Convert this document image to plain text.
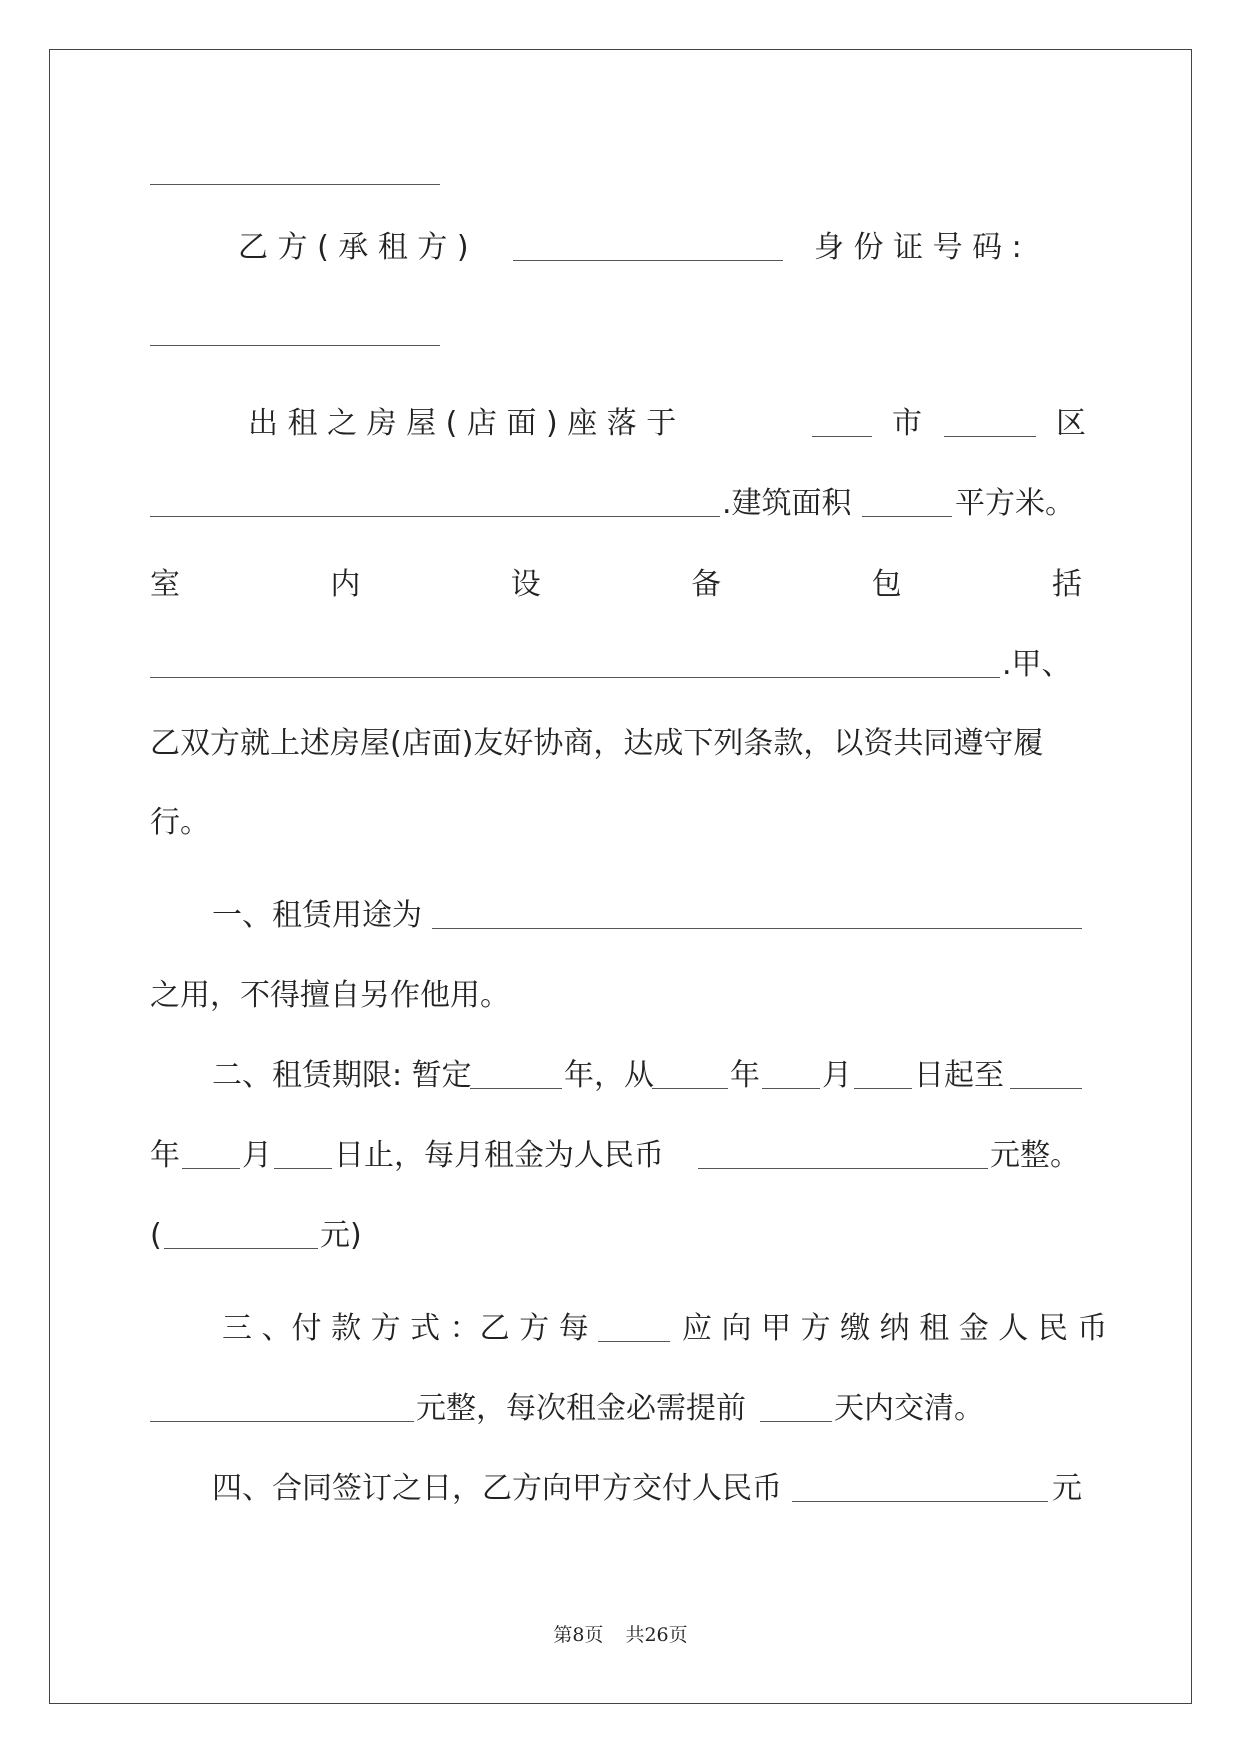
乙 方 ( 承 租 方 )	身 份 证 号 码 :
出 租 之 房 屋 ( 店 面 ) 座 落 于	市	区
.建筑面积	平方米。
室	内	设	备	包	括
.甲、
乙双方就上述房屋(店面)友好协商，达成下列条款，以资共同遵守履
行。
一、租赁用途为
之用，不得擅自另作他用。
二、租赁期限: 暂定	年，从	年 月 日起至
年 月 日止，每月租金为人民币	元整。
(	元)
三 、付 款 方 式 ：乙 方 每	应 向 甲 方 缴 纳 租 金 人 民 币
元整，每次租金必需提前	天内交清。
四、合同签订之日，乙方向甲方交付人民币	元
第8页 共26页
